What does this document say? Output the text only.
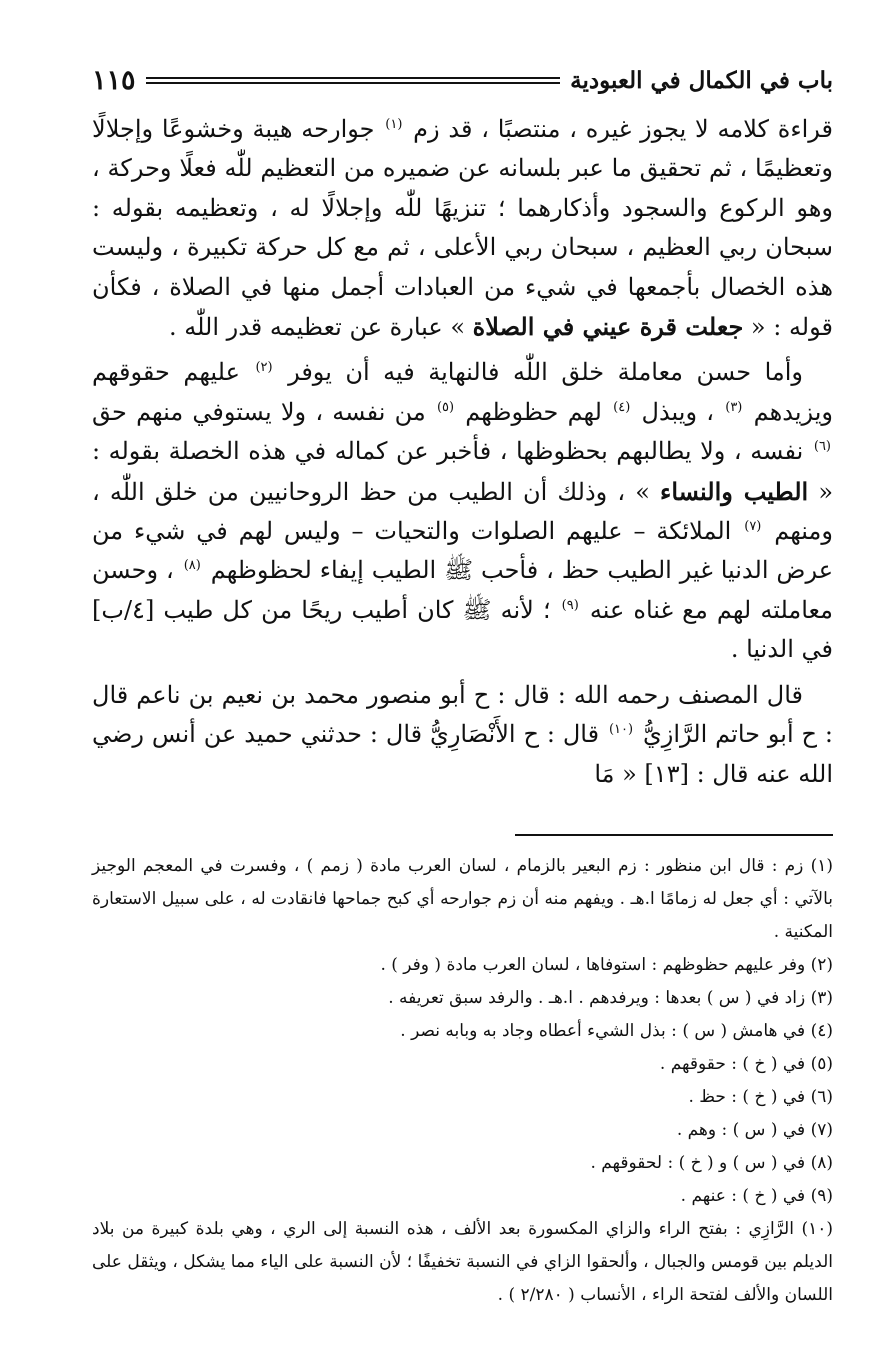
باب في الكمال في العبودية
١١٥

قراءة كلامه لا يجوز غيره ، منتصبًا ، قد زم $^{(١)}$ جوارحه هيبة وخشوعًا وإجلالًا وتعظيمًا ، ثم تحقيق ما عبر بلسانه عن ضميره من التعظيم للّٰه فعلًا وحركة ، وهو الركوع والسجود وأذكارهما ؛ تنزيهًا للّٰه وإجلالًا له ، وتعظيمه بقوله : سبحان ربي العظيم ، سبحان ربي الأعلى ، ثم مع كل حركة تكبيرة ، وليست هذه الخصال بأجمعها في شيء من العبادات أجمل منها في الصلاة ، فكأن قوله : « جعلت قرة عيني في الصلاة » عبارة عن تعظيمه قدر اللّٰه .

وأما حسن معاملة خلق اللّٰه فالنهاية فيه أن يوفر $^{(٢)}$ عليهم حقوقهم ويزيدهم $^{(٣)}$ ، ويبذل $^{(٤)}$ لهم حظوظهم $^{(٥)}$ من نفسه ، ولا يستوفي منهم حق $^{(٦)}$ نفسه ، ولا يطالبهم بحظوظها ، فأخبر عن كماله في هذه الخصلة بقوله : « الطيب والنساء » ، وذلك أن الطيب من حظ الروحانيين من خلق اللّٰه ، ومنهم $^{(٧)}$ الملائكة – عليهم الصلوات والتحيات – وليس لهم في شيء من عرض الدنيا غير الطيب حظ ، فأحب ﷺ الطيب إيفاء لحظوظهم $^{(٨)}$ ، وحسن معاملته لهم مع غناه عنه $^{(٩)}$ ؛ لأنه ﷺ كان أطيب ريحًا من كل طيب [٤/ب] في الدنيا .

قال المصنف رحمه الله : قال : ح أبو منصور محمد بن نعيم بن ناعم قال : ح أبو حاتم الرَّازِيُّ $^{(١٠)}$ قال : ح الأَنْصَارِيُّ قال : حدثني حميد عن أنس رضي الله عنه قال : [١٣] « مَا

(١) زم : قال ابن منظور : زم البعير بالزمام ، لسان العرب مادة ( زمم ) ، وفسرت في المعجم الوجيز بالآتي : أي جعل له زمامًا ا.هـ . ويفهم منه أن زم جوارحه أي كبح جماحها فانقادت له ، على سبيل الاستعارة المكنية .

(٢) وفر عليهم حظوظهم : استوفاها ، لسان العرب مادة ( وفر ) .

(٣) زاد في ( س ) بعدها : ويرفدهم . ا.هـ . والرفد سبق تعريفه .

(٤) في هامش ( س ) : بذل الشيء أعطاه وجاد به وبابه نصر .

(٥) في ( خ ) : حقوقهم .

(٦) في ( خ ) : حظ .

(٧) في ( س ) : وهم .

(٨) في ( س ) و ( خ ) : لحقوقهم .

(٩) في ( خ ) : عنهم .

(١٠) الرَّازِي : بفتح الراء والزاي المكسورة بعد الألف ، هذه النسبة إلى الري ، وهي بلدة كبيرة من بلاد الديلم بين قومس والجبال ، وألحقوا الزاي في النسبة تخفيفًا ؛ لأن النسبة على الياء مما يشكل ، ويثقل على اللسان والألف لفتحة الراء ، الأنساب ( ٢/٢٨٠ ) .
